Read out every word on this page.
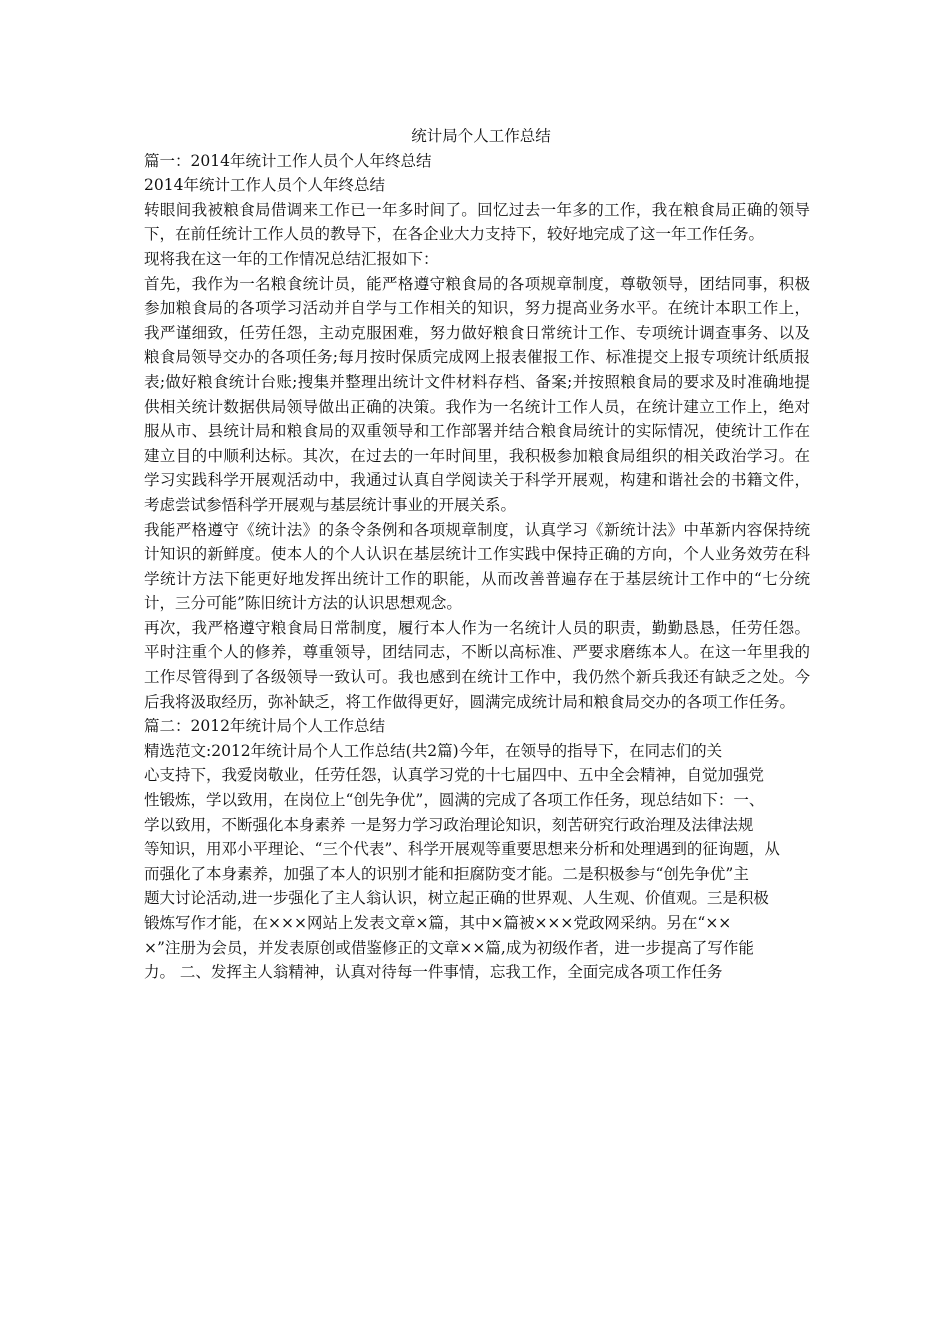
统计局个人工作总结

篇一：2014年统计工作人员个人年终总结

2014年统计工作人员个人年终总结

转眼间我被粮食局借调来工作已一年多时间了。回忆过去一年多的工作，我在粮食局正确的领导下，在前任统计工作人员的教导下，在各企业大力支持下，较好地完成了这一年工作任务。

现将我在这一年的工作情况总结汇报如下：

首先，我作为一名粮食统计员，能严格遵守粮食局的各项规章制度，尊敬领导，团结同事，积极参加粮食局的各项学习活动并自学与工作相关的知识，努力提高业务水平。在统计本职工作上，我严谨细致，任劳任怨，主动克服困难，努力做好粮食日常统计工作、专项统计调查事务、以及粮食局领导交办的各项任务;每月按时保质完成网上报表催报工作、标准提交上报专项统计纸质报表;做好粮食统计台账;搜集并整理出统计文件材料存档、备案;并按照粮食局的要求及时准确地提供相关统计数据供局领导做出正确的决策。我作为一名统计工作人员，在统计建立工作上，绝对服从市、县统计局和粮食局的双重领导和工作部署并结合粮食局统计的实际情况，使统计工作在建立目的中顺利达标。其次，在过去的一年时间里，我积极参加粮食局组织的相关政治学习。在学习实践科学开展观活动中，我通过认真自学阅读关于科学开展观，构建和谐社会的书籍文件，考虑尝试参悟科学开展观与基层统计事业的开展关系。

我能严格遵守《统计法》的条令条例和各项规章制度，认真学习《新统计法》中革新内容保持统计知识的新鲜度。使本人的个人认识在基层统计工作实践中保持正确的方向，个人业务效劳在科学统计方法下能更好地发挥出统计工作的职能，从而改善普遍存在于基层统计工作中的“七分统计，三分可能”陈旧统计方法的认识思想观念。

再次，我严格遵守粮食局日常制度，履行本人作为一名统计人员的职责，勤勤恳恳，任劳任怨。平时注重个人的修养，尊重领导，团结同志，不断以高标准、严要求磨练本人。在这一年里我的工作尽管得到了各级领导一致认可。我也感到在统计工作中，我仍然个新兵我还有缺乏之处。今后我将汲取经历，弥补缺乏，将工作做得更好，圆满完成统计局和粮食局交办的各项工作任务。

篇二：2012年统计局个人工作总结

精选范文:2012年统计局个人工作总结(共2篇)今年，在领导的指导下，在同志们的关

心支持下，我爱岗敬业，任劳任怨，认真学习党的十七届四中、五中全会精神，自觉加强党

性锻炼，学以致用，在岗位上“创先争优”，圆满的完成了各项工作任务，现总结如下：一、

学以致用，不断强化本身素养 一是努力学习政治理论知识，刻苦研究行政治理及法律法规

等知识，用邓小平理论、“三个代表”、科学开展观等重要思想来分析和处理遇到的征询题，从

而强化了本身素养，加强了本人的识别才能和拒腐防变才能。二是积极参与“创先争优”主

题大讨论活动,进一步强化了主人翁认识，树立起正确的世界观、人生观、价值观。三是积极

锻炼写作才能，在×××网站上发表文章×篇，其中×篇被×××党政网采纳。另在“××

×”注册为会员，并发表原创或借鉴修正的文章××篇,成为初级作者，进一步提高了写作能

力。 二、发挥主人翁精神，认真对待每一件事情，忘我工作，全面完成各项工作任务
